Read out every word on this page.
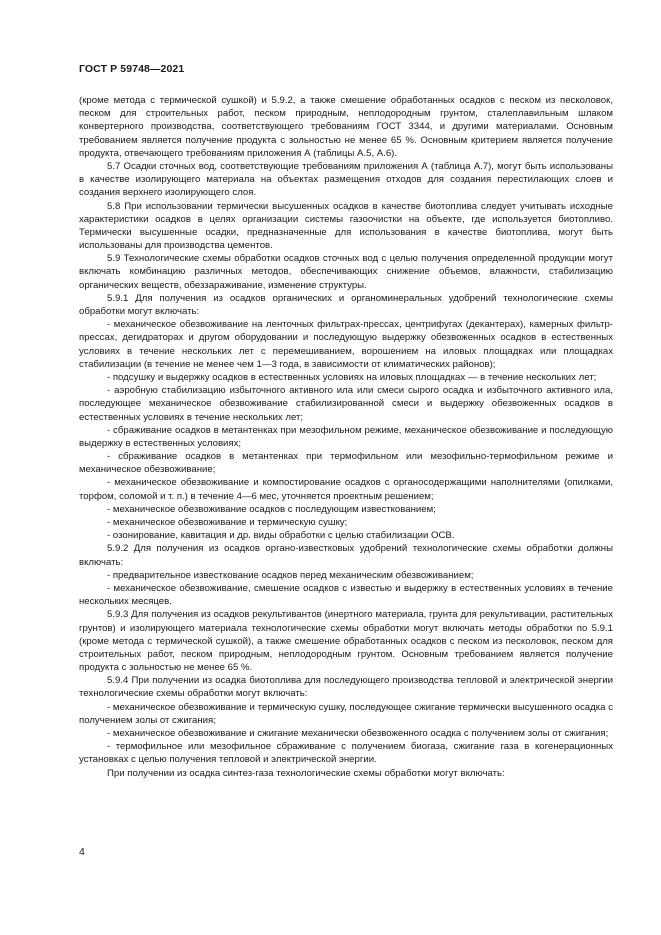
ГОСТ Р 59748—2021

(кроме метода с термической сушкой) и 5.9.2, а также смешение обработанных осадков с песком из песколовок, песком для строительных работ, песком природным, неплодородным грунтом, сталеплавильным шлаком конвертерного производства, соответствующего требованиям ГОСТ 3344, и другими материалами. Основным требованием является получение продукта с зольностью не менее 65 %. Основным критерием является получение продукта, отвечающего требованиям приложения А (таблицы А.5, А.6).

5.7 Осадки сточных вод, соответствующие требованиям приложения А (таблица А.7), могут быть использованы в качестве изолирующего материала на объектах размещения отходов для создания перестилающих слоев и создания верхнего изолирующего слоя.

5.8 При использовании термически высушенных осадков в качестве биотоплива следует учитывать исходные характеристики осадков в целях организации системы газоочистки на объекте, где используется биотопливо. Термически высушенные осадки, предназначенные для использования в качестве биотоплива, могут быть использованы для производства цементов.

5.9 Технологические схемы обработки осадков сточных вод с целью получения определенной продукции могут включать комбинацию различных методов, обеспечивающих снижение объемов, влажности, стабилизацию органических веществ, обеззараживание, изменение структуры.

5.9.1 Для получения из осадков органических и органоминеральных удобрений технологические схемы обработки могут включать:

- механическое обезвоживание на ленточных фильтрах-прессах, центрифугах (декантерах), камерных фильтр-прессах, дегидраторах и другом оборудовании и последующую выдержку обезвоженных осадков в естественных условиях в течение нескольких лет с перемешиванием, ворошением на иловых площадках или площадках стабилизации (в течение не менее чем 1—3 года, в зависимости от климатических районов);

- подсушку и выдержку осадков в естественных условиях на иловых площадках — в течение нескольких лет;

- аэробную стабилизацию избыточного активного ила или смеси сырого осадка и избыточного активного ила, последующее механическое обезвоживание стабилизированной смеси и выдержку обезвоженных осадков в естественных условиях в течение нескольких лет;

- сбраживание осадков в метантенках при мезофильном режиме, механическое обезвоживание и последующую выдержку в естественных условиях;

- сбраживание осадков в метантенках при термофильном или мезофильно-термофильном режиме и механическое обезвоживание;

- механическое обезвоживание и компостирование осадков с органосодержащими наполнителями (опилками, торфом, соломой и т. п.) в течение 4—6 мес, уточняется проектным решением;

- механическое обезвоживание осадков с последующим известкованием;

- механическое обезвоживание и термическую сушку;

- озонирование, кавитация и др. виды обработки с целью стабилизации ОСВ.

5.9.2 Для получения из осадков органо-известковых удобрений технологические схемы обработки должны включать:

- предварительное известкование осадков перед механическим обезвоживанием;

- механическое обезвоживание, смешение осадков с известью и выдержку в естественных условиях в течение нескольких месяцев.

5.9.3 Для получения из осадков рекультивантов (инертного материала, грунта для рекультивации, растительных грунтов) и изолирующего материала технологические схемы обработки могут включать методы обработки по 5.9.1 (кроме метода с термической сушкой), а также смешение обработанных осадков с песком из песколовок, песком для строительных работ, песком природным, неплодородным грунтом. Основным требованием является получение продукта с зольностью не менее 65 %.

5.9.4 При получении из осадка биотоплива для последующего производства тепловой и электрической энергии технологические схемы обработки могут включать:

- механическое обезвоживание и термическую сушку, последующее сжигание термически высушенного осадка с получением золы от сжигания;

- механическое обезвоживание и сжигание механически обезвоженного осадка с получением золы от сжигания;

- термофильное или мезофильное сбраживание с получением биогаза, сжигание газа в когенерационных установках с целью получения тепловой и электрической энергии.

При получении из осадка синтез-газа технологические схемы обработки могут включать:

4
